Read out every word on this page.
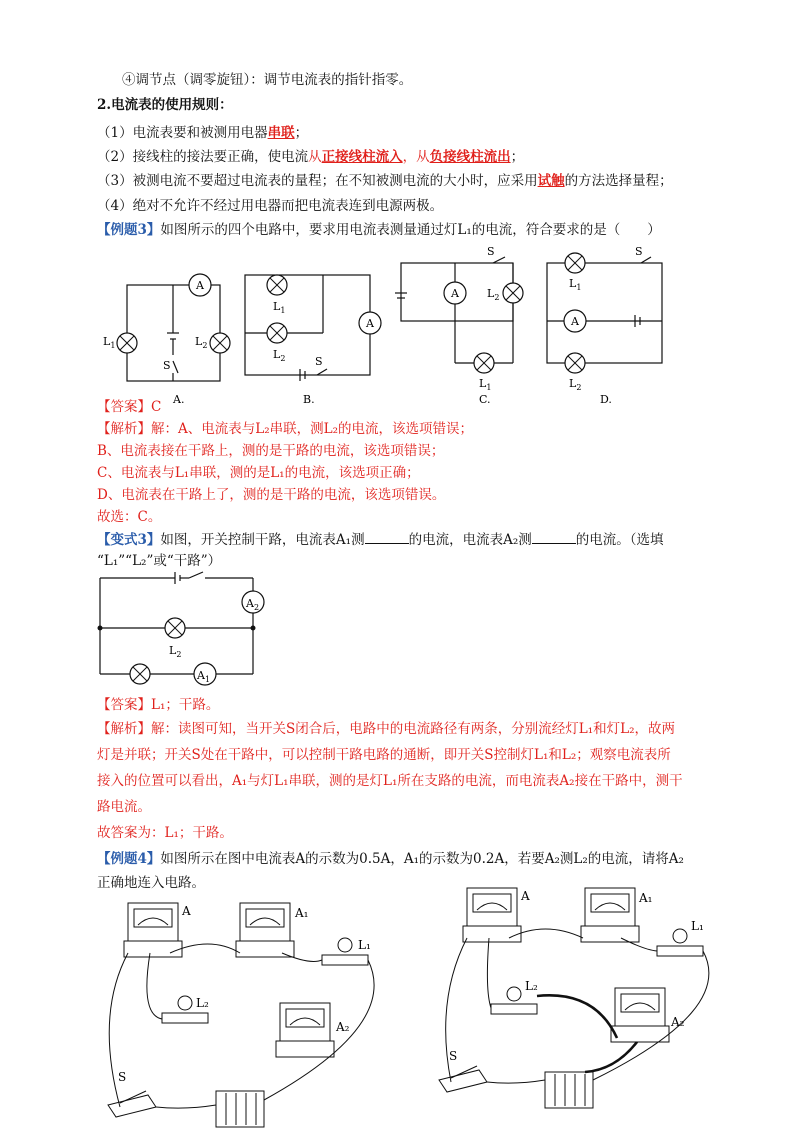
④调节点（调零旋钮）：调节电流表的指针指零。
2.电流表的使用规则：
（1）电流表要和被测用电器串联；
（2）接线柱的接法要正确，使电流从正接线柱流入，从负接线柱流出；
（3）被测电流不要超过电流表的量程；在不知被测电流的大小时，应采用试触的方法选择量程；
（4）绝对不允许不经过用电器而把电流表连到电源两极。
【例题3】如图所示的四个电路中，要求用电流表测量通过灯L₁的电流，符合要求的是（　　）
A
$L_1$	$L_2$
S
A.
$L_1$
$L_2$	S
B.
S
$L_2$
$L_1$
C.
S
$L_1$
$L_2$
D.
【答案】C
【解析】解：A、电流表与L₂串联，测L₂的电流，该选项错误；
B、电流表接在干路上，测的是干路的电流，该选项错误；
C、电流表与L₁串联，测的是L₁的电流，该选项正确；
D、电流表在干路上了，测的是干路的电流，该选项错误。
故选：C。
【变式3】如图，开关控制干路，电流表A₁测	的电流，电流表A₂测	的电流。（选填
“L₁”“L₂”或“干路”）
$A_2$
$L_2$
$A_1$
【答案】L₁；干路。
【解析】解：读图可知，当开关S闭合后，电路中的电流路径有两条，分别流经灯L₁和灯L₂，故两
灯是并联；开关S处在干路中，可以控制干路电路的通断，即开关S控制灯L₁和L₂；观察电流表所
接入的位置可以看出，A₁与灯L₁串联，测的是灯L₁所在支路的电流，而电流表A₂接在干路中，测干
路电流。
故答案为：L₁；干路。
【例题4】如图所示在图中电流表A的示数为0.5A，A₁的示数为0.2A，若要A₂测L₂的电流，请将A₂
正确地连入电路。
A	A₁
L₁
L₂
A₂
S
A	A₁
L₁
L₂
A₂
S
